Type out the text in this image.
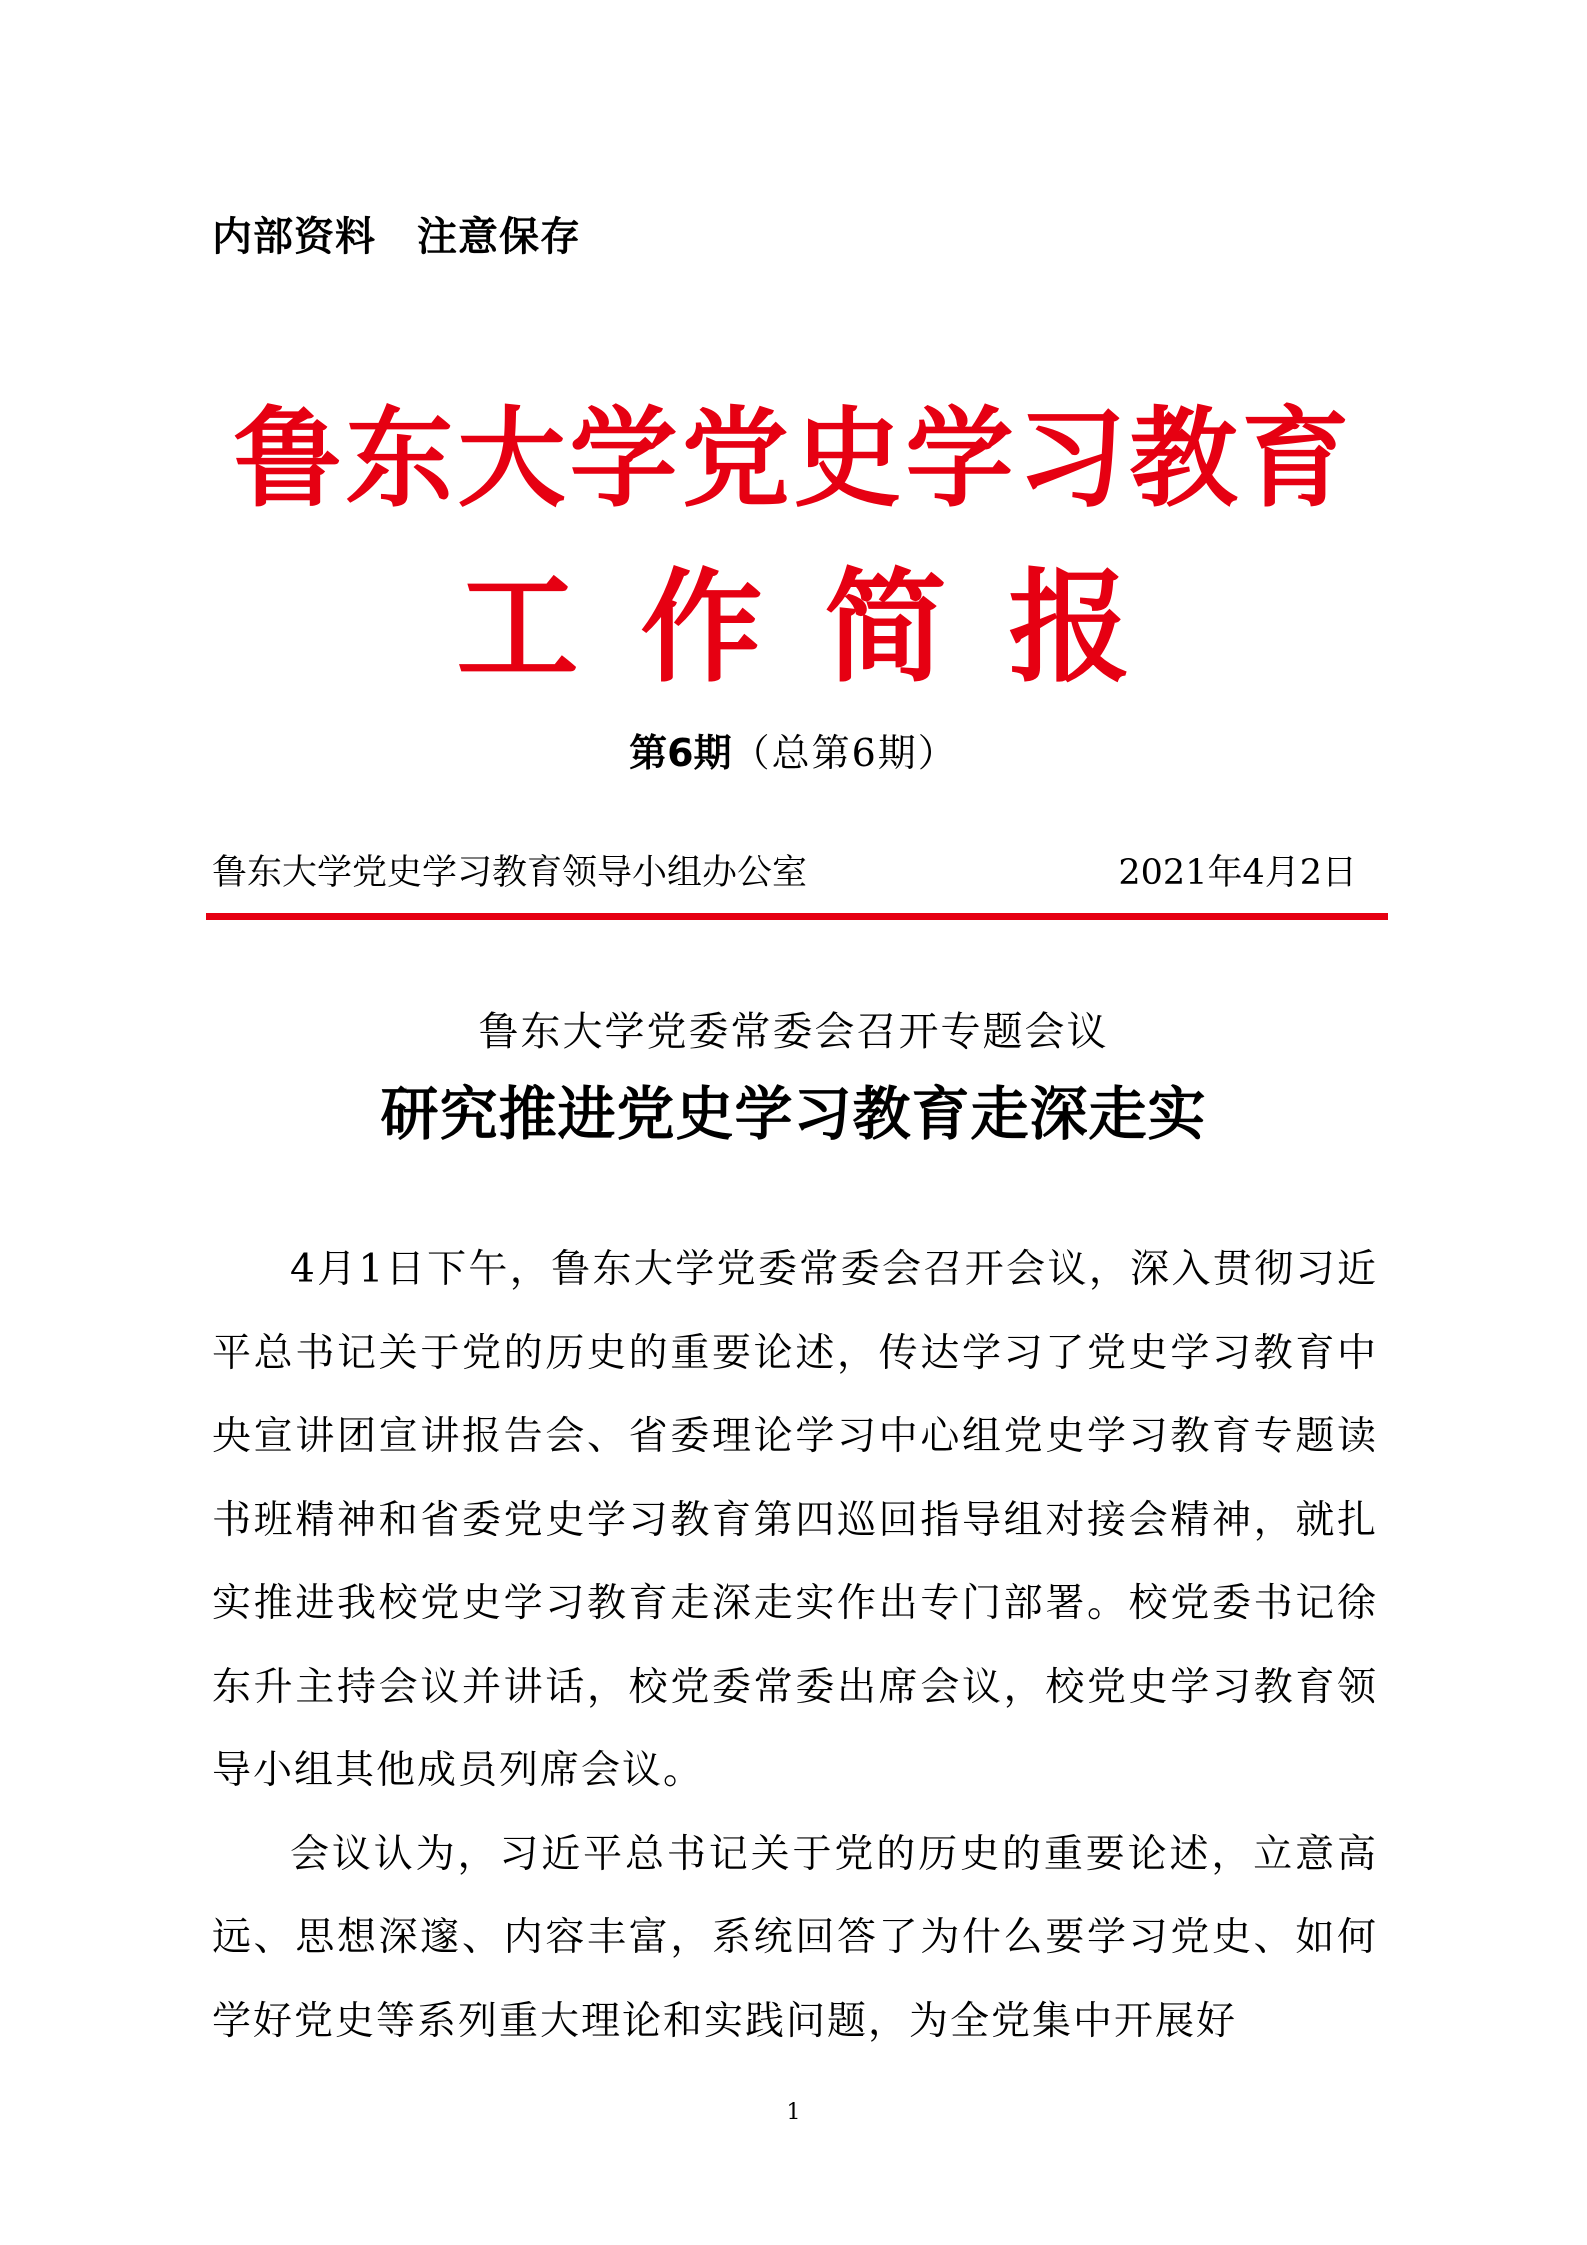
内部资料　注意保存
鲁东大学党史学习教育
工作简报
第6期（总第6期）
鲁东大学党史学习教育领导小组办公室	2021年4月2日
鲁东大学党委常委会召开专题会议
研究推进党史学习教育走深走实

4月1日下午，鲁东大学党委常委会召开会议，深入贯彻习近平总书记关于党的历史的重要论述，传达学习了党史学习教育中央宣讲团宣讲报告会、省委理论学习中心组党史学习教育专题读书班精神和省委党史学习教育第四巡回指导组对接会精神，就扎实推进我校党史学习教育走深走实作出专门部署。校党委书记徐东升主持会议并讲话，校党委常委出席会议，校党史学习教育领导小组其他成员列席会议。

会议认为，习近平总书记关于党的历史的重要论述，立意高远、思想深邃、内容丰富，系统回答了为什么要学习党史、如何学好党史等系列重大理论和实践问题，为全党集中开展好

1
